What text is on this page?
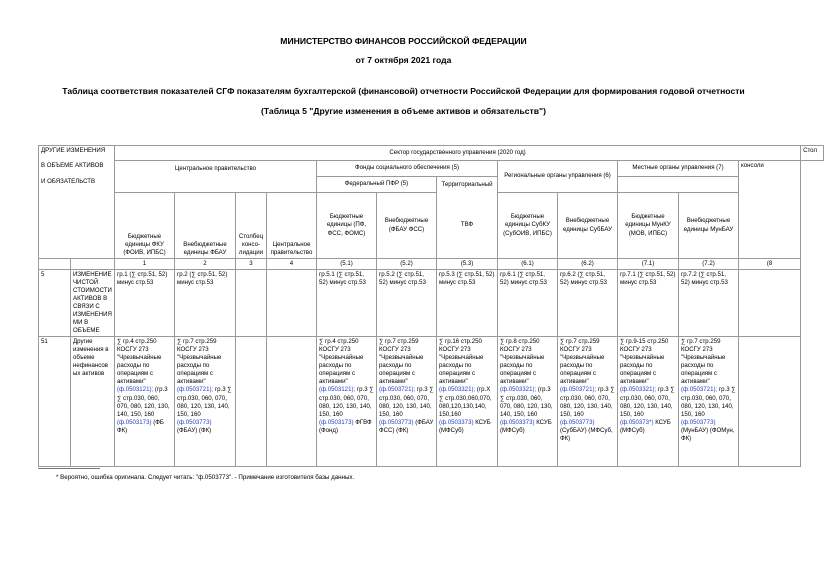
МИНИСТЕРСТВО ФИНАНСОВ РОССИЙСКОЙ ФЕДЕРАЦИИ
от 7 октября 2021 года
Таблица соответствия показателей СГФ показателям бухгалтерской (финансовой) отчетности Российской Федерации для формирования годовой отчетности
(Таблица 5 "Другие изменения в объеме активов и обязательств")
ДРУГИЕ ИЗМЕНЕНИЯ		Сектор государственного управления (2020 год)												Стол
В ОБЪЕМЕ АКТИВОВ		Центральное правительство				Фонды социального обеспечения (5)			Региональные органы управления (6)		Местные органы управления (7)		консоли	
И ОБЯЗАТЕЛЬСТВ						Федеральный ПФР (5)		Территориальный						
		Бюджетные единицы ФКУ (ФОИВ, ИПБС)	Внебюджетные единицы ФБАУ	Столбец консо-лидации	Центральное правительство	Бюджетные единицы (ПФ, ФСС, ФОМС)	Внебюджетные (ФБАУ ФСС)	ТВФ	Бюджетные единицы СубКУ (СубОИВ, ИПБС)	Внебюджетные единицы СубБАУ	Бюджетные единицы МунКУ (МОВ, ИПБС)	Внебюджетные единицы МунБАУ		
		1	2	3	4	(5.1)	(5.2)	(5.3)	(6.1)	(6.2)	(7.1)	(7.2)	(8	
5	ИЗМЕНЕНИЕ ЧИСТОЙ СТОИМОСТИ АКТИВОВ В СВЯЗИ С ИЗМЕНЕНИЯМИ В ОБЪЕМЕ	гр.1 (∑ стр.51, 52) минус стр.53	гр.2 (∑ стр.51, 52) минус стр.53			гр.5.1 (∑ стр.51, 52) минус стр.53	гр.5.2 (∑ стр.51, 52) минус стр.53	гр.5.3 (∑ стр.51, 52) минус стр.53	гр.6.1 (∑ стр.51, 52) минус стр.53	гр.6.2 (∑ стр.51, 52) минус стр.53	гр.7.1 (∑ стр.51, 52) минус стр.53	гр.7.2 (∑ стр.51, 52) минус стр.53		
51	Другие изменения в объеме нефинансовых активов	∑ гр.4 стр.250 КОСГУ 273 "Чрезвычайные расходы по операциям с активами" (ф.0503121); (гр.3 ∑ стр.030, 060, 070, 080, 120, 130, 140, 150, 160 (ф.0503173) (ФБ ФК)	∑ гр.7 стр.259 КОСГУ 273 "Чрезвычайные расходы по операциям с активами" (ф.0503721); гр.3 ∑ стр.030, 060, 070, 080, 120, 130, 140, 150, 160 (ф.0503773) (ФБАУ) (ФК)			∑ гр.4 стр.250 КОСГУ 273 "Чрезвычайные расходы по операциям с активами" (ф.0503121); гр.3 ∑ стр.030, 060, 070, 080, 120, 130, 140, 150, 160 (ф.0503173) ФГВФ (Фонд)	∑ гр.7 стр.259 КОСГУ 273 "Чрезвычайные расходы по операциям с активами" (ф.0503721); гр.3 ∑ стр.030, 060, 070, 080, 120, 130, 140, 150, 160 (ф.0503773) (ФБАУ ФСС) (ФК)	∑ гр.16 стр.250 КОСГУ 273 "Чрезвычайные расходы по операциям с активами" (ф.0503321); (гр.Х ∑ стр.030,060,070, 080,120,130,140, 150,160 (ф.0503373) КСУБ (МФСуб)	∑ гр.8 стр.250 КОСГУ 273 "Чрезвычайные расходы по операциям с активами" (ф.0503321); (гр.3 ∑ стр.030, 060, 070, 080, 120, 130, 140, 150, 160 (ф.0503373) КСУБ (МФСуб)	∑ гр.7 стр.259 КОСГУ 273 "Чрезвычайные расходы по операциям с активами" (ф.0503721); гр.3 ∑ стр.030, 060, 070, 080, 120, 130, 140, 150, 160 (ф.0503773) (СубБАУ) (МФСуб, ФК)	∑ гр.9-15 стр.250 КОСГУ 273 "Чрезвычайные расходы по операциям с активами" (ф.0503321); гр.3 ∑ стр.030, 060, 070, 080, 120, 130, 140, 150, 160 (ф.050373*) КСУБ (МФСуб)	∑ гр.7 стр.259 КОСГУ 273 "Чрезвычайные расходы по операциям с активами" (ф.0503721); гр.3 ∑ стр.030, 060, 070, 080, 120, 130, 140, 150, 160 (ф.0503773) (МунБАУ) (ФОМун, ФК)		
* Вероятно, ошибка оригинала. Следует читать: "ф.0503773". - Примечание изготовителя базы данных.
